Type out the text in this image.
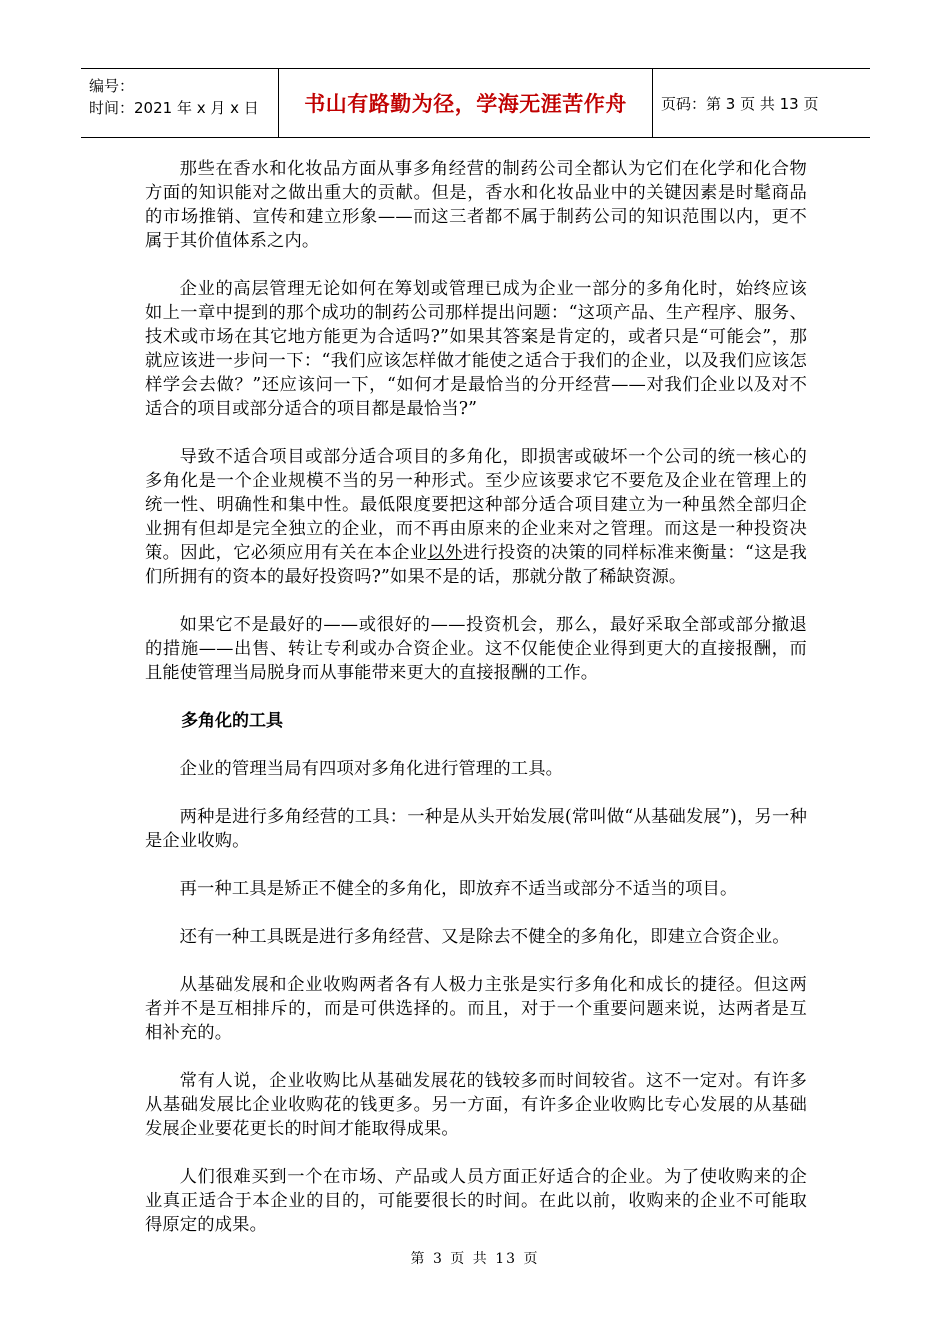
编号：
时间：2021 年 x 月 x 日	书山有路勤为径，学海无涯苦作舟 页码：第 3 页 共 13 页

那些在香水和化妆品方面从事多角经营的制药公司全都认为它们在化学和化合物方面的知识能对之做出重大的贡献。但是，香水和化妆品业中的关键因素是时髦商品的市场推销、宣传和建立形象——而这三者都不属于制药公司的知识范围以内，更不属于其价值体系之内。

企业的高层管理无论如何在筹划或管理已成为企业一部分的多角化时，始终应该如上一章中提到的那个成功的制药公司那样提出问题：“这项产品、生产程序、服务、技术或市场在其它地方能更为合适吗?”如果其答案是肯定的，或者只是“可能会”，那就应该进一步问一下：“我们应该怎样做才能使之适合于我们的企业，以及我们应该怎样学会去做？”还应该问一下，“如何才是最恰当的分开经营——对我们企业以及对不适合的项目或部分适合的项目都是最恰当?”

导致不适合项目或部分适合项目的多角化，即损害或破坏一个公司的统一核心的多角化是一个企业规模不当的另一种形式。至少应该要求它不要危及企业在管理上的统一性、明确性和集中性。最低限度要把这种部分适合项目建立为一种虽然全部归企业拥有但却是完全独立的企业，而不再由原来的企业来对之管理。而这是一种投资决策。因此，它必须应用有关在本企业以外进行投资的决策的同样标准来衡量：“这是我们所拥有的资本的最好投资吗?”如果不是的话，那就分散了稀缺资源。

如果它不是最好的——或很好的——投资机会，那么，最好采取全部或部分撤退的措施——出售、转让专利或办合资企业。这不仅能使企业得到更大的直接报酬，而且能使管理当局脱身而从事能带来更大的直接报酬的工作。

多角化的工具

企业的管理当局有四项对多角化进行管理的工具。

两种是进行多角经营的工具：一种是从头开始发展(常叫做“从基础发展”)，另一种是企业收购。

再一种工具是矫正不健全的多角化，即放弃不适当或部分不适当的项目。

还有一种工具既是进行多角经营、又是除去不健全的多角化，即建立合资企业。

从基础发展和企业收购两者各有人极力主张是实行多角化和成长的捷径。但这两者并不是互相排斥的，而是可供选择的。而且，对于一个重要问题来说，达两者是互相补充的。

常有人说，企业收购比从基础发展花的钱较多而时间较省。这不一定对。有许多从基础发展比企业收购花的钱更多。另一方面，有许多企业收购比专心发展的从基础发展企业要花更长的时间才能取得成果。

人们很难买到一个在市场、产品或人员方面正好适合的企业。为了使收购来的企业真正适合于本企业的目的，可能要很长的时间。在此以前，收购来的企业不可能取得原定的成果。

第 3 页 共 13 页
